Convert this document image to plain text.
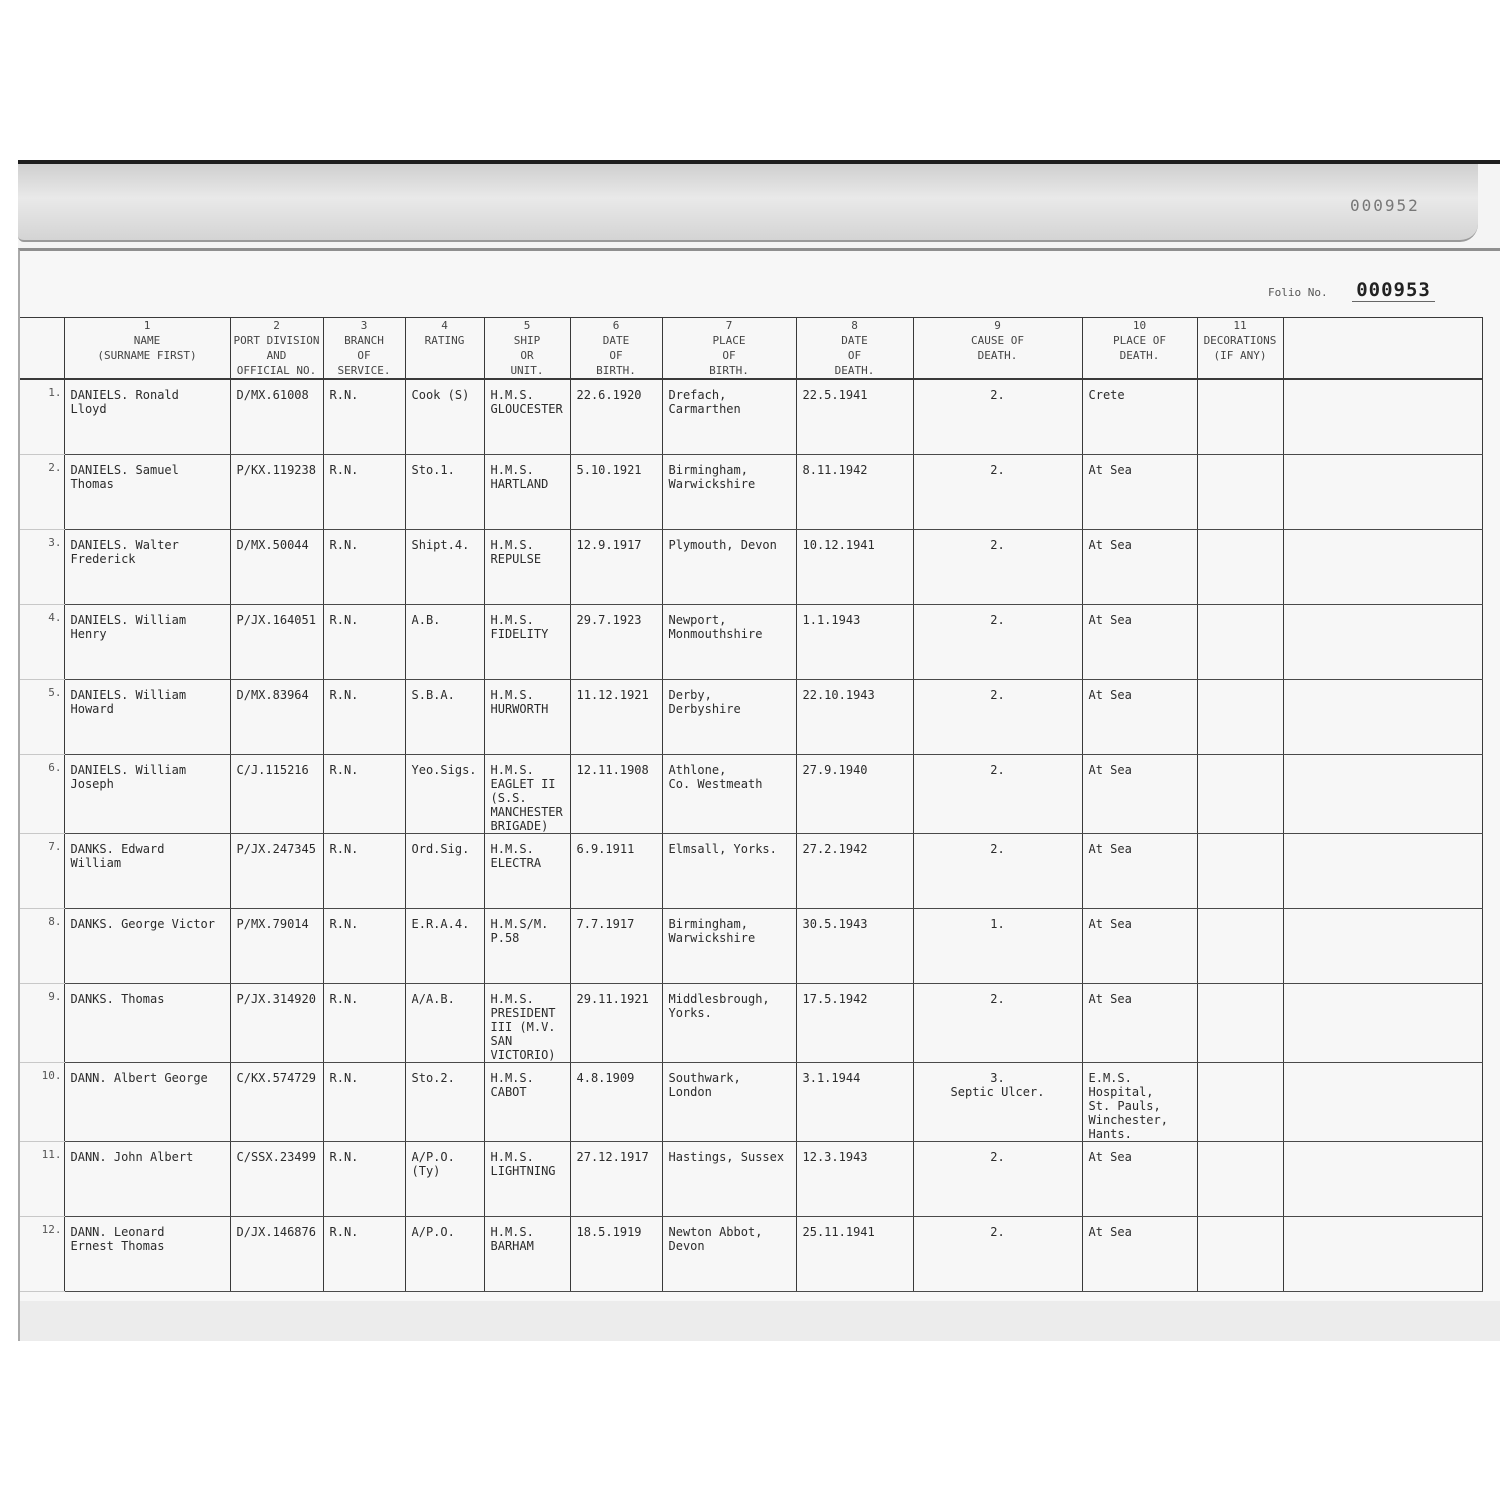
000952
Folio No. 000953

	1
NAME
(SURNAME FIRST)	2
PORT DIVISION
AND
OFFICIAL NO.	3
BRANCH
OF
SERVICE.	4
RATING	5
SHIP
OR
UNIT.	6
DATE
OF
BIRTH.	7
PLACE
OF
BIRTH.	8
DATE
OF
DEATH.	9
CAUSE OF
DEATH.	10
PLACE OF
DEATH.	11
DECORATIONS
(IF ANY)	

1.	DANIELS. Ronald
Lloyd	D/MX.61008	R.N.	Cook (S)	H.M.S.
GLOUCESTER	22.6.1920	Drefach,
Carmarthen	22.5.1941	2.	Crete		
2.	DANIELS. Samuel
Thomas	P/KX.119238	R.N.	Sto.1.	H.M.S.
HARTLAND	5.10.1921	Birmingham,
Warwickshire	8.11.1942	2.	At Sea		
3.	DANIELS. Walter
Frederick	D/MX.50044	R.N.	Shipt.4.	H.M.S.
REPULSE	12.9.1917	Plymouth, Devon	10.12.1941	2.	At Sea		
4.	DANIELS. William
Henry	P/JX.164051	R.N.	A.B.	H.M.S.
FIDELITY	29.7.1923	Newport,
Monmouthshire	1.1.1943	2.	At Sea		
5.	DANIELS. William
Howard	D/MX.83964	R.N.	S.B.A.	H.M.S.
HURWORTH	11.12.1921	Derby,
Derbyshire	22.10.1943	2.	At Sea		
6.	DANIELS. William
Joseph	C/J.115216	R.N.	Yeo.Sigs.	H.M.S.
EAGLET II
(S.S.
MANCHESTER
BRIGADE)	12.11.1908	Athlone,
Co. Westmeath	27.9.1940	2.	At Sea		
7.	DANKS. Edward
William	P/JX.247345	R.N.	Ord.Sig.	H.M.S.
ELECTRA	6.9.1911	Elmsall, Yorks.	27.2.1942	2.	At Sea		
8.	DANKS. George Victor	P/MX.79014	R.N.	E.R.A.4.	H.M.S/M.
P.58	7.7.1917	Birmingham,
Warwickshire	30.5.1943	1.	At Sea		
9.	DANKS. Thomas	P/JX.314920	R.N.	A/A.B.	H.M.S.
PRESIDENT
III (M.V.
SAN
VICTORIO)	29.11.1921	Middlesbrough,
Yorks.	17.5.1942	2.	At Sea		
10.	DANN. Albert George	C/KX.574729	R.N.	Sto.2.	H.M.S.
CABOT	4.8.1909	Southwark,
London	3.1.1944	3.
Septic Ulcer.	E.M.S. Hospital,
St. Pauls,
Winchester,
Hants.		
11.	DANN. John Albert	C/SSX.23499	R.N.	A/P.O.
(Ty)	H.M.S.
LIGHTNING	27.12.1917	Hastings, Sussex	12.3.1943	2.	At Sea		
12.	DANN. Leonard
Ernest Thomas	D/JX.146876	R.N.	A/P.O.	H.M.S.
BARHAM	18.5.1919	Newton Abbot,
Devon	25.11.1941	2.	At Sea		
